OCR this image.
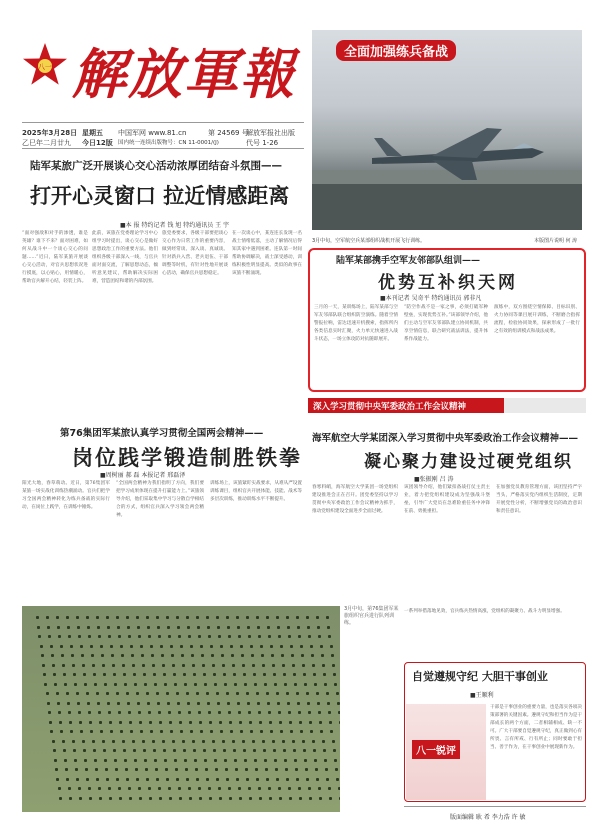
八一 解放軍報
2025年3月28日 星期五
乙巳年二月廿九 今日12版
中国军网 www.81.cn
国内统一连续出版物号：CN 11-0001/(J)
第 24569 号
解放军报社出版
代号 1-26
全面加强练兵备战
3月中旬，空军航空兵某部组织战机开展飞行训练。	本版图片说明 何 涛
陆军某旅广泛开展谈心交心活动浓厚团结奋斗氛围——
打开心灵窗口 拉近情感距离
■本 报 特约记者 钱 旭 特约通讯员 王 宇
“面对强敌和对手的渗透，谁是英雄？谁下不来？面对困难，如何从战斗中一个谈心交心的问题……”近日，陆军某旅开展谈心交心活动，对官兵思想状况进行摸底，以心贴心，用情暖心，帮助官兵解开心结，轻装上阵。
此前，该旅在党委理论学习中心组学习时提出，谈心交心是做好思想政治工作的重要方法。他们组织各级干部深入一线，与官兵面对面交流，了解思想动态，倾听意见建议，帮助解决实际困难，营造团结和谐的内部氛围。
旅党委要求，各级干部要把谈心交心作为日常工作的重要内容，做到经常谈、深入谈、真诚谈。针对新兵入营、老兵退伍、干部调整等时机，有针对性地开展谈心活动，确保官兵思想稳定。
在一次谈心中，某连连长发现一名战士情绪低落，主动了解情况后得知其家中遇到困难。连队第一时间帮助协调解决，战士深受感动，训练积极性明显提高。类似的故事在该旅不断涌现。
陆军某部携手空军友邻部队组训——
优势互补织天网
■本刊记者 吴奇平 特约通讯员 郭非凡
三月的一天，某训练场上，陆军某部与空军友邻部队联合组织防空演练。随着空情警报拉响，雷达迅速开机搜索，指挥所内各类信息实时汇聚，火力单元快速进入战斗状态，一场立体攻防对抗随即展开。
“防空作战不是一家之事，必须打破军种壁垒，实现优势互补。”该部领导介绍，他们主动与空军友邻部队建立协同机制，共享空情信息，联合研究战法训法，提升体系作战能力。
演练中，双方围绕空情保障、目标识别、火力协同等课目展开训练，不断磨合指挥流程，检验协同效果，探索形成了一批行之有效的组训模式和战法成果。
深入学习贯彻中央军委政治工作会议精神
第76集团军某旅认真学习贯彻全国两会精神——
岗位践学锻造制胜铁拳
■周树丽 郝 磊 本报记者 邢磊泽
阳光大地，春草萌动。近日，第76集团军某旅一场实战化训练热潮涌动。官兵们把学习全国两会精神转化为练兵备战的实际行动，在岗位上践学，在训练中锤炼。
“全国两会精神为我们指明了方向，我们要把学习成果体现在提升打赢能力上。”该旅领导介绍，他们采取集中学习与分散自学相结合的方式，组织官兵深入学习领会两会精神。
训练场上，该旅紧盯实战要求，从难从严设置训练课目，组织官兵开展体能、技能、战术等多层次训练，推动训练水平不断提升。
3月中旬，第76集团军某旅组织官兵进行队列训练。
海军航空大学某团深入学习贯彻中央军委政治工作会议精神——
凝心聚力建设过硬党组织
■张振刚 吕 涛
春寒料峭，海军航空大学某团一场党组织建设推进会正在召开。团党委坚持以学习贯彻中央军委政治工作会议精神为抓手，推动党组织建设全面进步全面过硬。
该团领导介绍，他们紧扣备战打仗主责主业，着力把党组织建设成为坚强战斗堡垒，引导广大党员在急难险重任务中冲锋在前、勇挑重担。
在加强党员教育管理方面，该团坚持严字当头，严格落实党内组织生活制度，定期开展党性分析，不断增强党员的政治意识和责任意识。
一系列举措落地见效，官兵练兵热情高涨，党组织的凝聚力、战斗力明显增强。
自觉遵规守纪 大胆干事创业
■王顺利
八一锐评
干部是干事创业的重要力量，也是落实各项决策部署的关键因素。遵规守纪和担当作为是干部成长的两个方面，二者相辅相成、缺一不可。广大干部要自觉遵规守纪，真正做到心有所畏、言有所戒、行有所止；同时要敢于担当、善于作为，在干事创业中展现新作为。
版面编辑 耿 希 李力浩 许 敏
